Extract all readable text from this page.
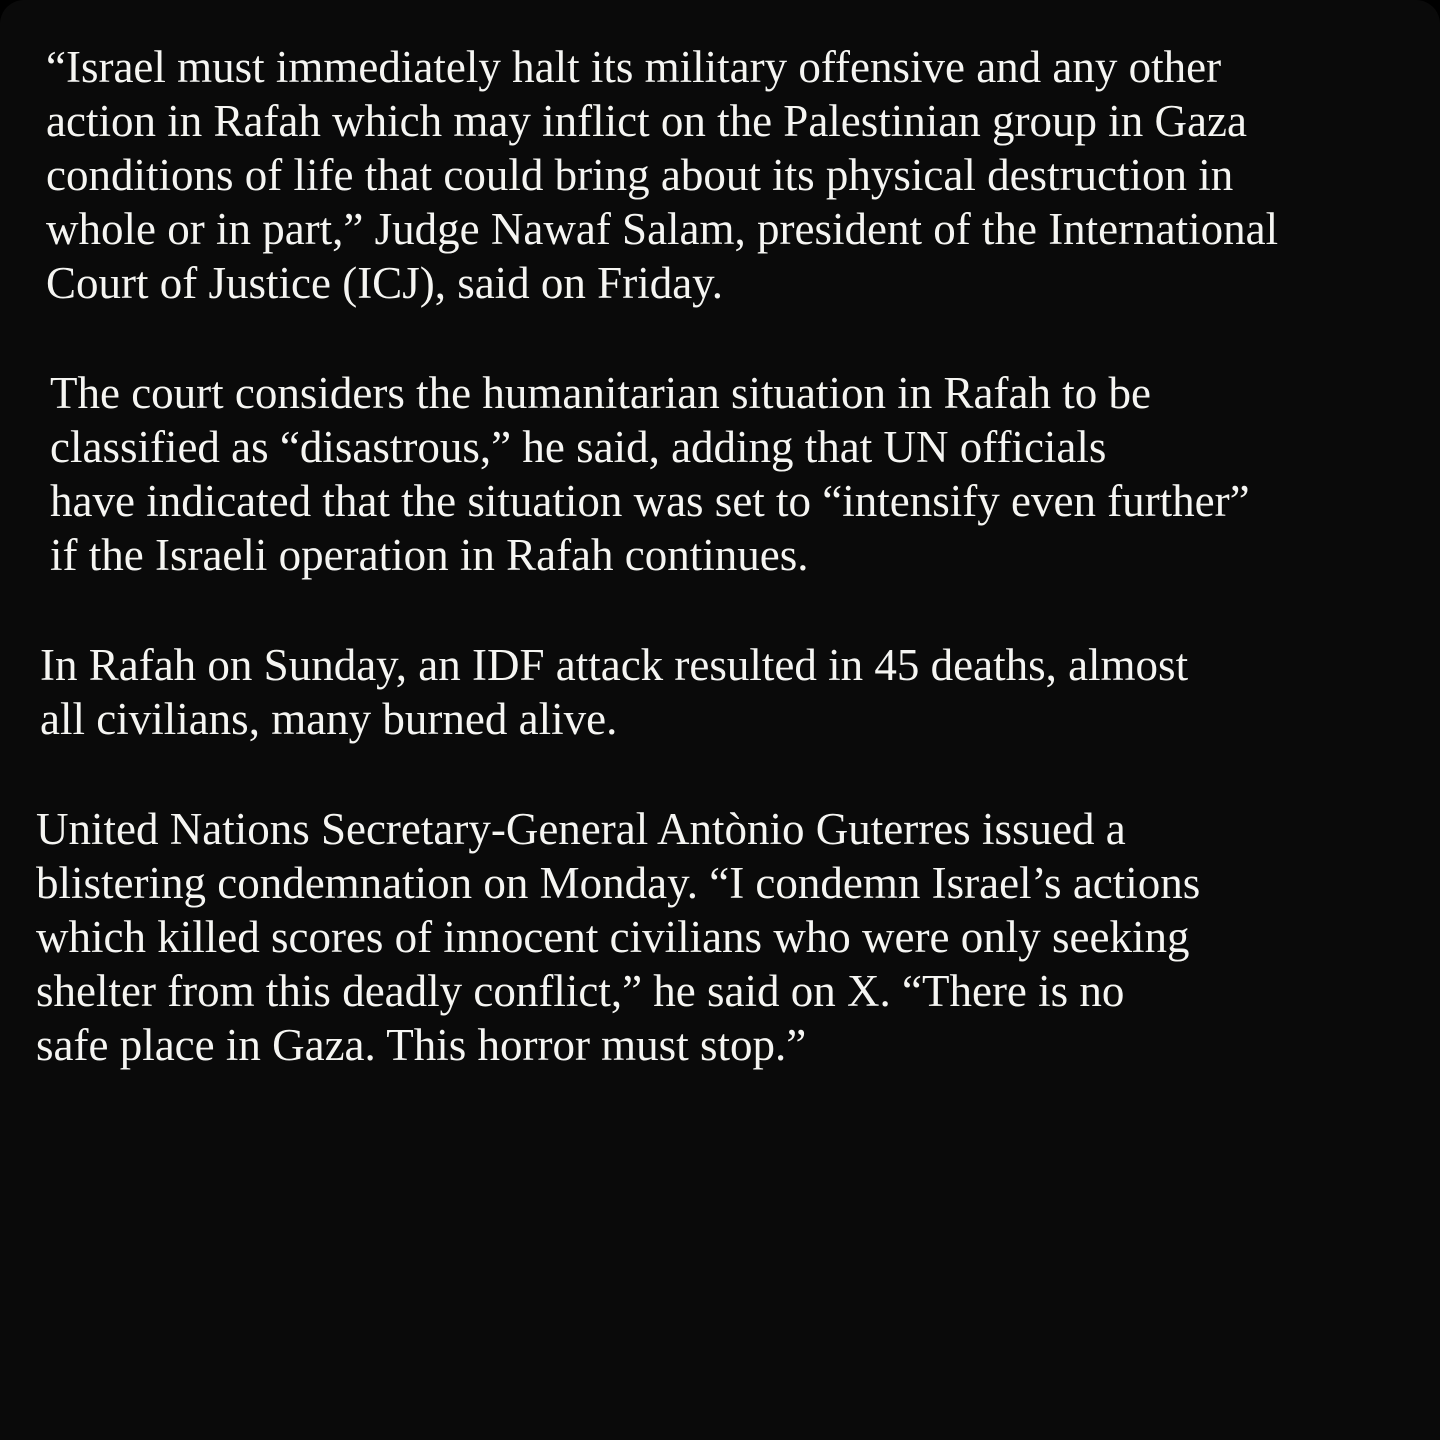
“Israel must immediately halt its military offensive and any other
action in Rafah which may inflict on the Palestinian group in Gaza
conditions of life that could bring about its physical destruction in
whole or in part,” Judge Nawaf Salam, president of the International
Court of Justice (ICJ), said on Friday.

The court considers the humanitarian situation in Rafah to be
classified as “disastrous,” he said, adding that UN officials
have indicated that the situation was set to “intensify even further”
if the Israeli operation in Rafah continues.

In Rafah on Sunday, an IDF attack resulted in 45 deaths, almost
all civilians, many burned alive.

United Nations Secretary-General Antònio Guterres issued a
blistering condemnation on Monday. “I condemn Israel’s actions
which killed scores of innocent civilians who were only seeking
shelter from this deadly conflict,” he said on X. “There is no
safe place in Gaza. This horror must stop.”
